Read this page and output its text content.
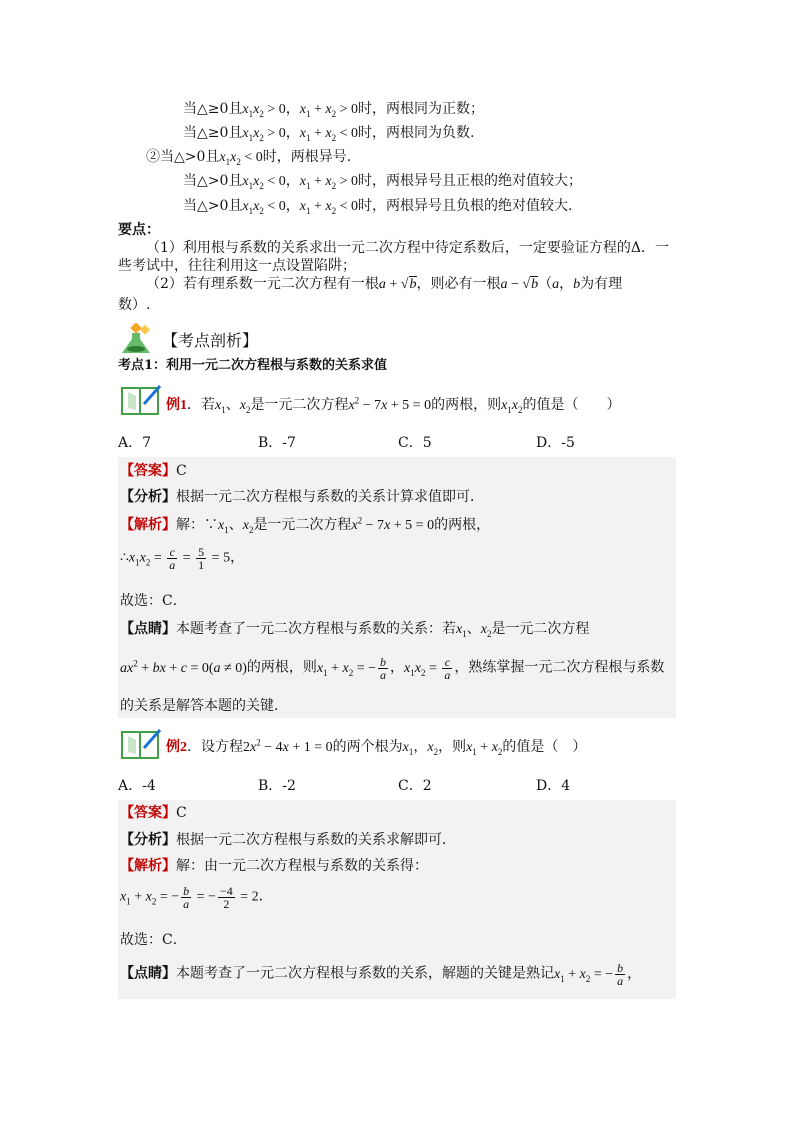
当△≥0且$x_1x_2 > 0$，$x_1 + x_2 > 0$时，两根同为正数；
当△≥0且$x_1x_2 > 0$，$x_1 + x_2 < 0$时，两根同为负数.
②当△>0且$x_1x_2 < 0$时，两根异号.
当△>0且$x_1x_2 < 0$，$x_1 + x_2 > 0$时，两根异号且正根的绝对值较大；
当△>0且$x_1x_2 < 0$，$x_1 + x_2 < 0$时，两根异号且负根的绝对值较大.
要点：
（1）利用根与系数的关系求出一元二次方程中待定系数后，一定要验证方程的Δ．一
些考试中，往往利用这一点设置陷阱；
（2）若有理系数一元二次方程有一根a + √b，则必有一根a − √b（a，b为有理
数）.
【考点剖析】
考点1：利用一元二次方程根与系数的关系求值
例1．若$x_1$、$x_2$是一元二次方程$x^2 - 7x + 5 = 0$的两根，则$x_1x_2$的值是（　　）
A．7	B．-7	C．5	D．-5
【答案】C
【分析】根据一元二次方程根与系数的关系计算求值即可．
【解析】解：$\because x_1$、$x_2$是一元二次方程$x^2 - 7x + 5 = 0$的两根，
$\therefore x_1x_2 = \frac{c}{a} = \frac{5}{1} = 5$，
故选：C．
【点睛】本题考查了一元二次方程根与系数的关系：若$x_1$、$x_2$是一元二次方程
$ax^2$ + bx + c = 0(a ≠ 0)的两根，则$x_1 + x_2$ = − $\frac{b}{a}$ ，$x_1x_2 = \frac{c}{a}$ ，熟练掌握一元二次方程根与系数
的关系是解答本题的关键．
例2．设方程$2x^2 - 4x + 1 = 0$的两个根为$x_1$，$x_2$，则$x_1 + x_2$的值是（　）
A．-4	B．-2	C．2	D．4
【答案】C
【分析】根据一元二次方程根与系数的关系求解即可．
【解析】解：由一元二次方程根与系数的关系得：
$x_1 + x_2$ = − $\frac{b}{a}$ = − $\frac{-4}{2} = 2$．
故选：C．
【点睛】本题考查了一元二次方程根与系数的关系，解题的关键是熟记$x_1 + x_2$ = − $\frac{b}{a}$ ，
